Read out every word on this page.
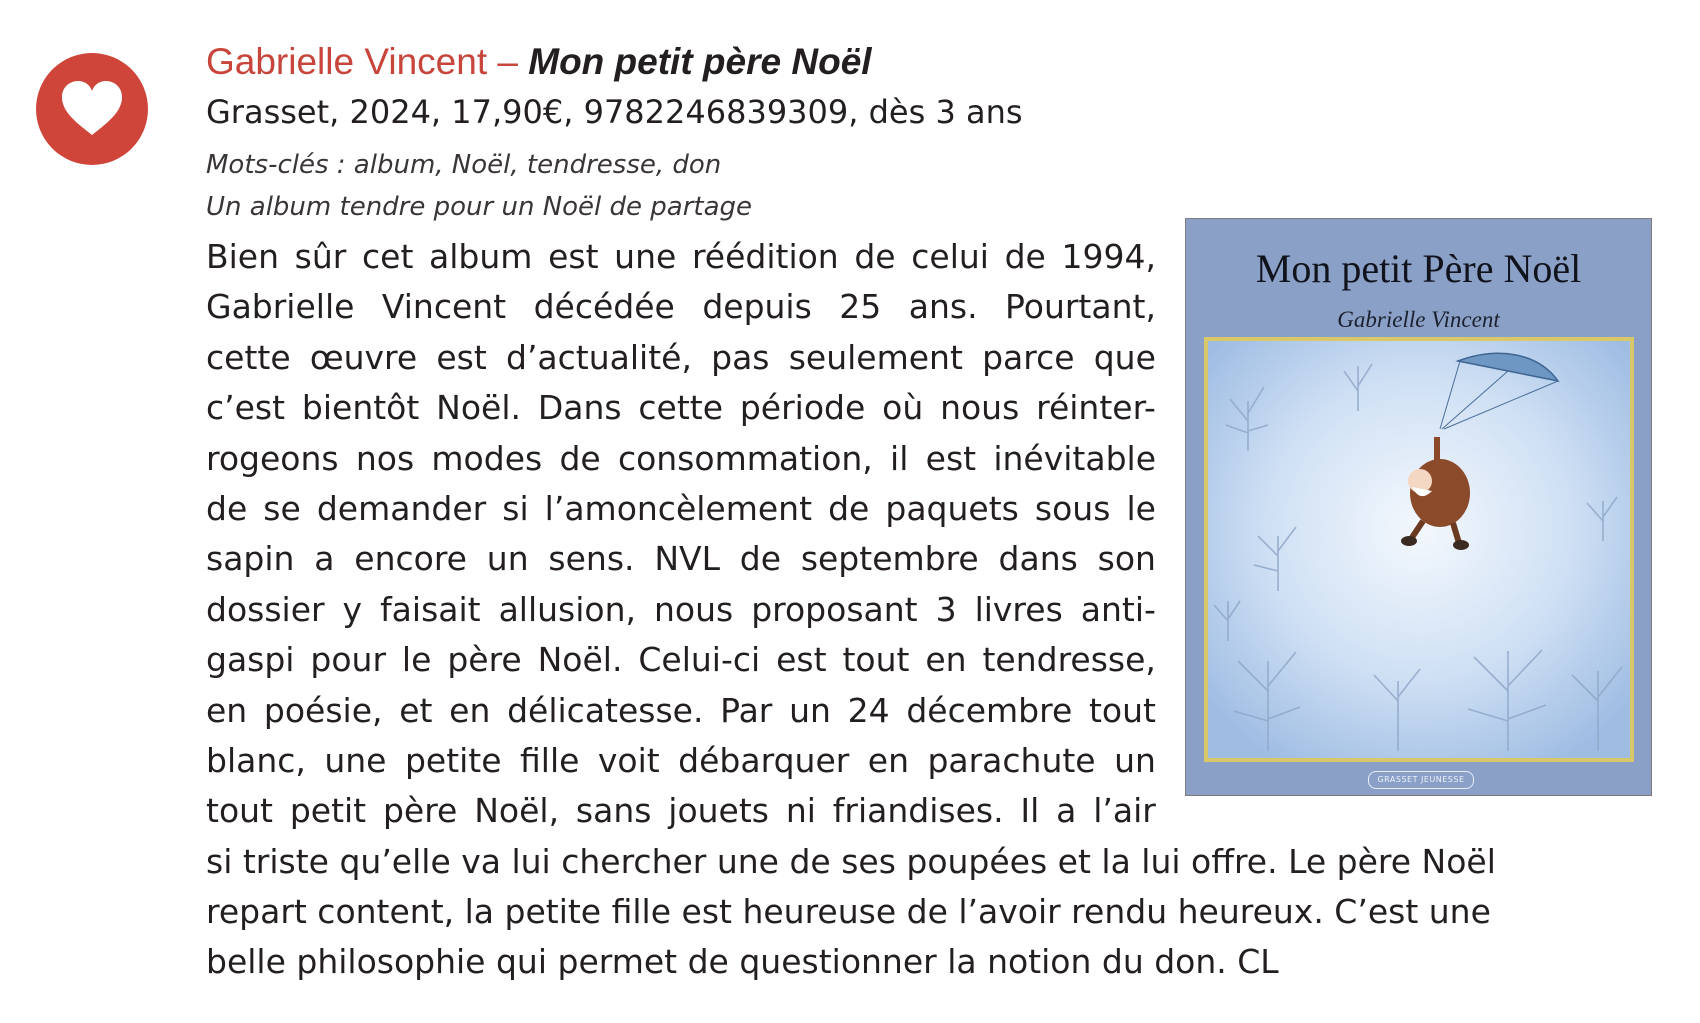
Gabrielle Vincent – Mon petit père Noël
Grasset, 2024, 17,90€, 9782246839309, dès 3 ans
Mots-clés : album, Noël, tendresse, don
Un album tendre pour un Noël de partage
Bien sûr cet album est une réédition de celui de 1994,
Gabrielle Vincent décédée depuis 25 ans. Pourtant,
cette œuvre est d’actualité, pas seulement parce que
c’est bientôt Noël. Dans cette période où nous réinter-
rogeons nos modes de consommation, il est inévitable
de se demander si l’amoncèlement de paquets sous le
sapin a encore un sens. NVL de septembre dans son
dossier y faisait allusion, nous proposant 3 livres anti-
gaspi pour le père Noël. Celui-ci est tout en tendresse,
en poésie, et en délicatesse. Par un 24 décembre tout
blanc, une petite fille voit débarquer en parachute un
tout petit père Noël, sans jouets ni friandises. Il a l’air
si triste qu’elle va lui chercher une de ses poupées et la lui offre. Le père Noël
repart content, la petite fille est heureuse de l’avoir rendu heureux. C’est une
belle philosophie qui permet de questionner la notion du don. CL
Mon petit Père Noël
Gabrielle Vincent
GRASSET JEUNESSE
